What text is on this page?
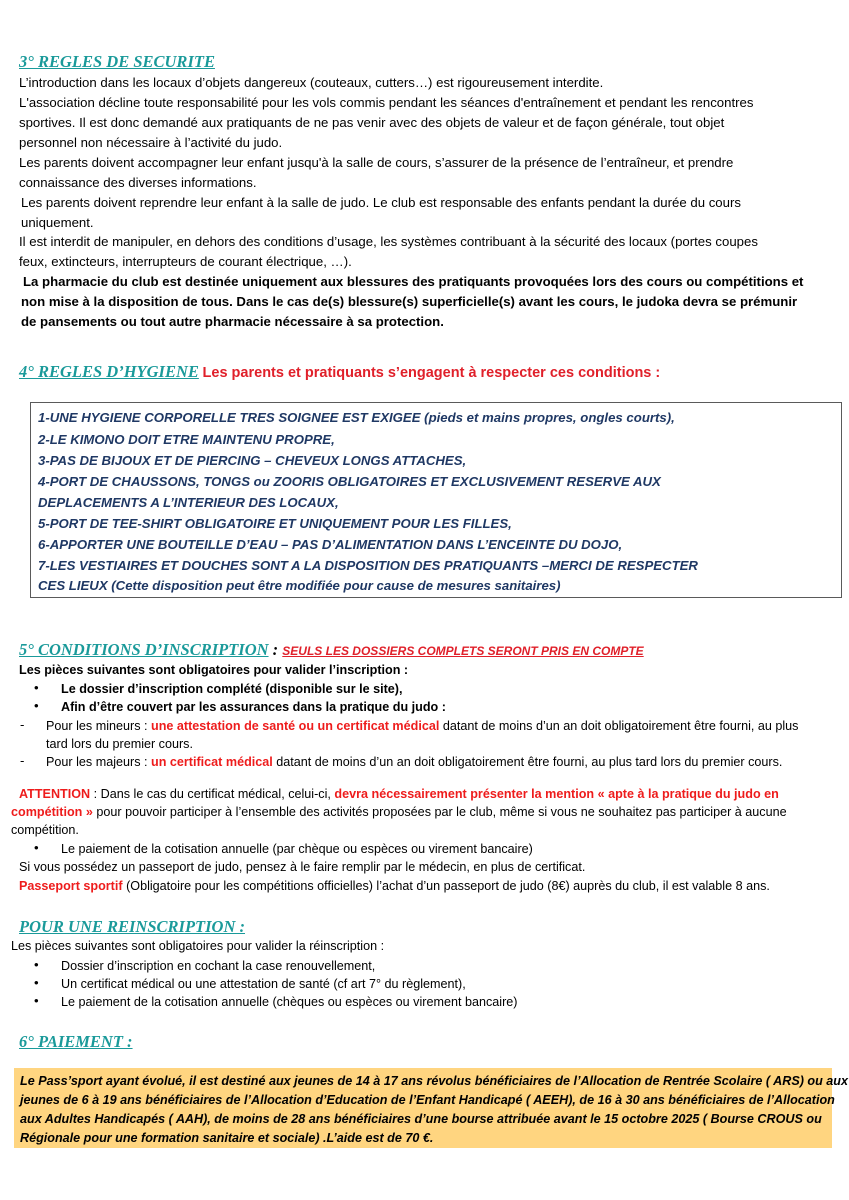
3° REGLES DE SECURITE
L’introduction dans les locaux d’objets dangereux (couteaux, cutters…) est rigoureusement interdite.
L'association décline toute responsabilité pour les vols commis pendant les séances d'entraînement et pendant les rencontres
sportives. Il est donc demandé aux pratiquants de ne pas venir avec des objets de valeur et de façon générale, tout objet
personnel non nécessaire à l’activité du judo.
Les parents doivent accompagner leur enfant jusqu'à la salle de cours, s’assurer de la présence de l’entraîneur, et prendre
connaissance des diverses informations.
Les parents doivent reprendre leur enfant à la salle de judo. Le club est responsable des enfants pendant la durée du cours
uniquement.
Il est interdit de manipuler, en dehors des conditions d’usage, les systèmes contribuant à la sécurité des locaux (portes coupes
feux, extincteurs, interrupteurs de courant électrique, …).
La pharmacie du club est destinée uniquement aux blessures des pratiquants provoquées lors des cours ou compétitions et
non mise à la disposition de tous. Dans le cas de(s) blessure(s) superficielle(s) avant les cours, le judoka devra se prémunir
de pansements ou tout autre pharmacie nécessaire à sa protection.
4° REGLES D’HYGIENE Les parents et pratiquants s’engagent à respecter ces conditions :
1-UNE HYGIENE CORPORELLE TRES SOIGNEE EST EXIGEE (pieds et mains propres, ongles courts),
2-LE KIMONO DOIT ETRE MAINTENU PROPRE,
3-PAS DE BIJOUX ET DE PIERCING – CHEVEUX LONGS ATTACHES,
4-PORT DE CHAUSSONS, TONGS ou ZOORIS OBLIGATOIRES ET EXCLUSIVEMENT RESERVE AUX
DEPLACEMENTS A L’INTERIEUR DES LOCAUX,
5-PORT DE TEE-SHIRT OBLIGATOIRE ET UNIQUEMENT POUR LES FILLES,
6-APPORTER UNE BOUTEILLE D’EAU – PAS D’ALIMENTATION DANS L’ENCEINTE DU DOJO,
7-LES VESTIAIRES ET DOUCHES SONT A LA DISPOSITION DES PRATIQUANTS –MERCI DE RESPECTER
CES LIEUX (Cette disposition peut être modifiée pour cause de mesures sanitaires)
5° CONDITIONS D’INSCRIPTION : SEULS LES DOSSIERS COMPLETS SERONT PRIS EN COMPTE
Les pièces suivantes sont obligatoires pour valider l’inscription :
• Le dossier d’inscription complété (disponible sur le site),
• Afin d’être couvert par les assurances dans la pratique du judo :
- Pour les mineurs : une attestation de santé ou un certificat médical datant de moins d’un an doit obligatoirement être fourni, au plus
tard lors du premier cours.
- Pour les majeurs : un certificat médical datant de moins d’un an doit obligatoirement être fourni, au plus tard lors du premier cours.
ATTENTION : Dans le cas du certificat médical, celui-ci, devra nécessairement présenter la mention « apte à la pratique du judo en
compétition » pour pouvoir participer à l’ensemble des activités proposées par le club, même si vous ne souhaitez pas participer à aucune
compétition.
• Le paiement de la cotisation annuelle (par chèque ou espèces ou virement bancaire)
Si vous possédez un passeport de judo, pensez à le faire remplir par le médecin, en plus de certificat.
Passeport sportif (Obligatoire pour les compétitions officielles) l’achat d’un passeport de judo (8€) auprès du club, il est valable 8 ans.
POUR UNE REINSCRIPTION :
Les pièces suivantes sont obligatoires pour valider la réinscription :
• Dossier d’inscription en cochant la case renouvellement,
• Un certificat médical ou une attestation de santé (cf art 7° du règlement),
• Le paiement de la cotisation annuelle (chèques ou espèces ou virement bancaire)
6° PAIEMENT :
Le Pass’sport ayant évolué, il est destiné aux jeunes de 14 à 17 ans révolus bénéficiaires de l’Allocation de Rentrée Scolaire ( ARS) ou aux
jeunes de 6 à 19 ans bénéficiaires de l’Allocation d’Education de l’Enfant Handicapé ( AEEH), de 16 à 30 ans bénéficiaires de l’Allocation
aux Adultes Handicapés ( AAH), de moins de 28 ans bénéficiaires d’une bourse attribuée avant le 15 octobre 2025 ( Bourse CROUS ou
Régionale pour une formation sanitaire et sociale) .L’aide est de 70 €.
